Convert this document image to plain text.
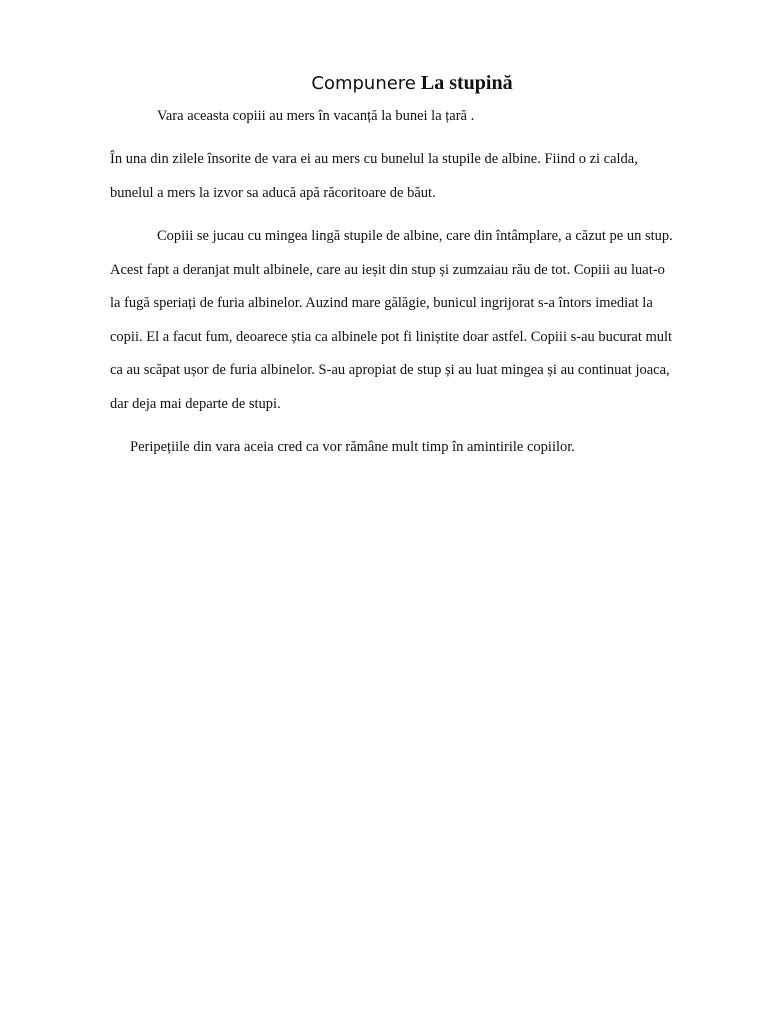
Compunere La stupină
Vara aceasta copiii au mers în vacanță la bunei la țară .
În una din zilele însorite de vara ei au mers cu bunelul la stupile de albine. Fiind o zi calda,
bunelul a mers la izvor sa aducă apă răcoritoare de băut.
Copiii se jucau cu mingea lingă stupile de albine, care din întâmplare, a căzut pe un stup.
Acest fapt a deranjat mult albinele, care au ieșit din stup și zumzaiau rău de tot. Copiii au luat-o
la fugă speriați de furia albinelor. Auzind mare gălăgie, bunicul ingrijorat s-a întors imediat la
copii. El a facut fum, deoarece știa ca albinele pot fi liniștite doar astfel. Copiii s-au bucurat mult
ca au scăpat ușor de furia albinelor. S-au apropiat de stup și au luat mingea și au continuat joaca,
dar deja mai departe de stupi.
Peripețiile din vara aceia cred ca vor rămâne mult timp în amintirile copiilor.
